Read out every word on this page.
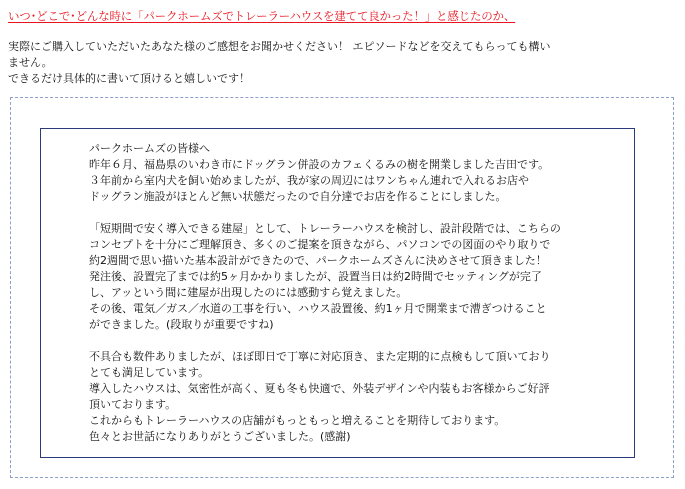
いつ･どこで･どんな時に「パークホームズでトレーラーハウスを建てて良かった！」と感じたのか、

実際にご購入していただいたあなた様のご感想をお聞かせください！ エピソードなどを交えてもらっても構い

ません。

できるだけ具体的に書いて頂けると嬉しいです！

パークホームズの皆様へ

昨年６月、福島県のいわき市にドッグラン併設のカフェくるみの樹を開業しました吉田です。

３年前から室内犬を飼い始めましたが、我が家の周辺にはワンちゃん連れで入れるお店や

ドッグラン施設がほとんど無い状態だったので自分達でお店を作ることにしました。

「短期間で安く導入できる建屋」として、トレーラーハウスを検討し、設計段階では、こちらの

コンセプトを十分にご理解頂き、多くのご提案を頂きながら、パソコンでの図面のやり取りで

約2週間で思い描いた基本設計ができたので、パークホームズさんに決めさせて頂きました！

発注後、設置完了までは約5ヶ月かかりましたが、設置当日は約2時間でセッティングが完了

し、アッという間に建屋が出現したのには感動すら覚えました。

その後、電気／ガス／水道の工事を行い、ハウス設置後、約1ヶ月で開業まで漕ぎつけること

ができました。(段取りが重要ですね)

不具合も数件ありましたが、ほぼ即日で丁寧に対応頂き、また定期的に点検もして頂いており

とても満足しています。

導入したハウスは、気密性が高く、夏も冬も快適で、外装デザインや内装もお客様からご好評

頂いております。

これからもトレーラーハウスの店舗がもっともっと増えることを期待しております。

色々とお世話になりありがとうございました。(感謝)
